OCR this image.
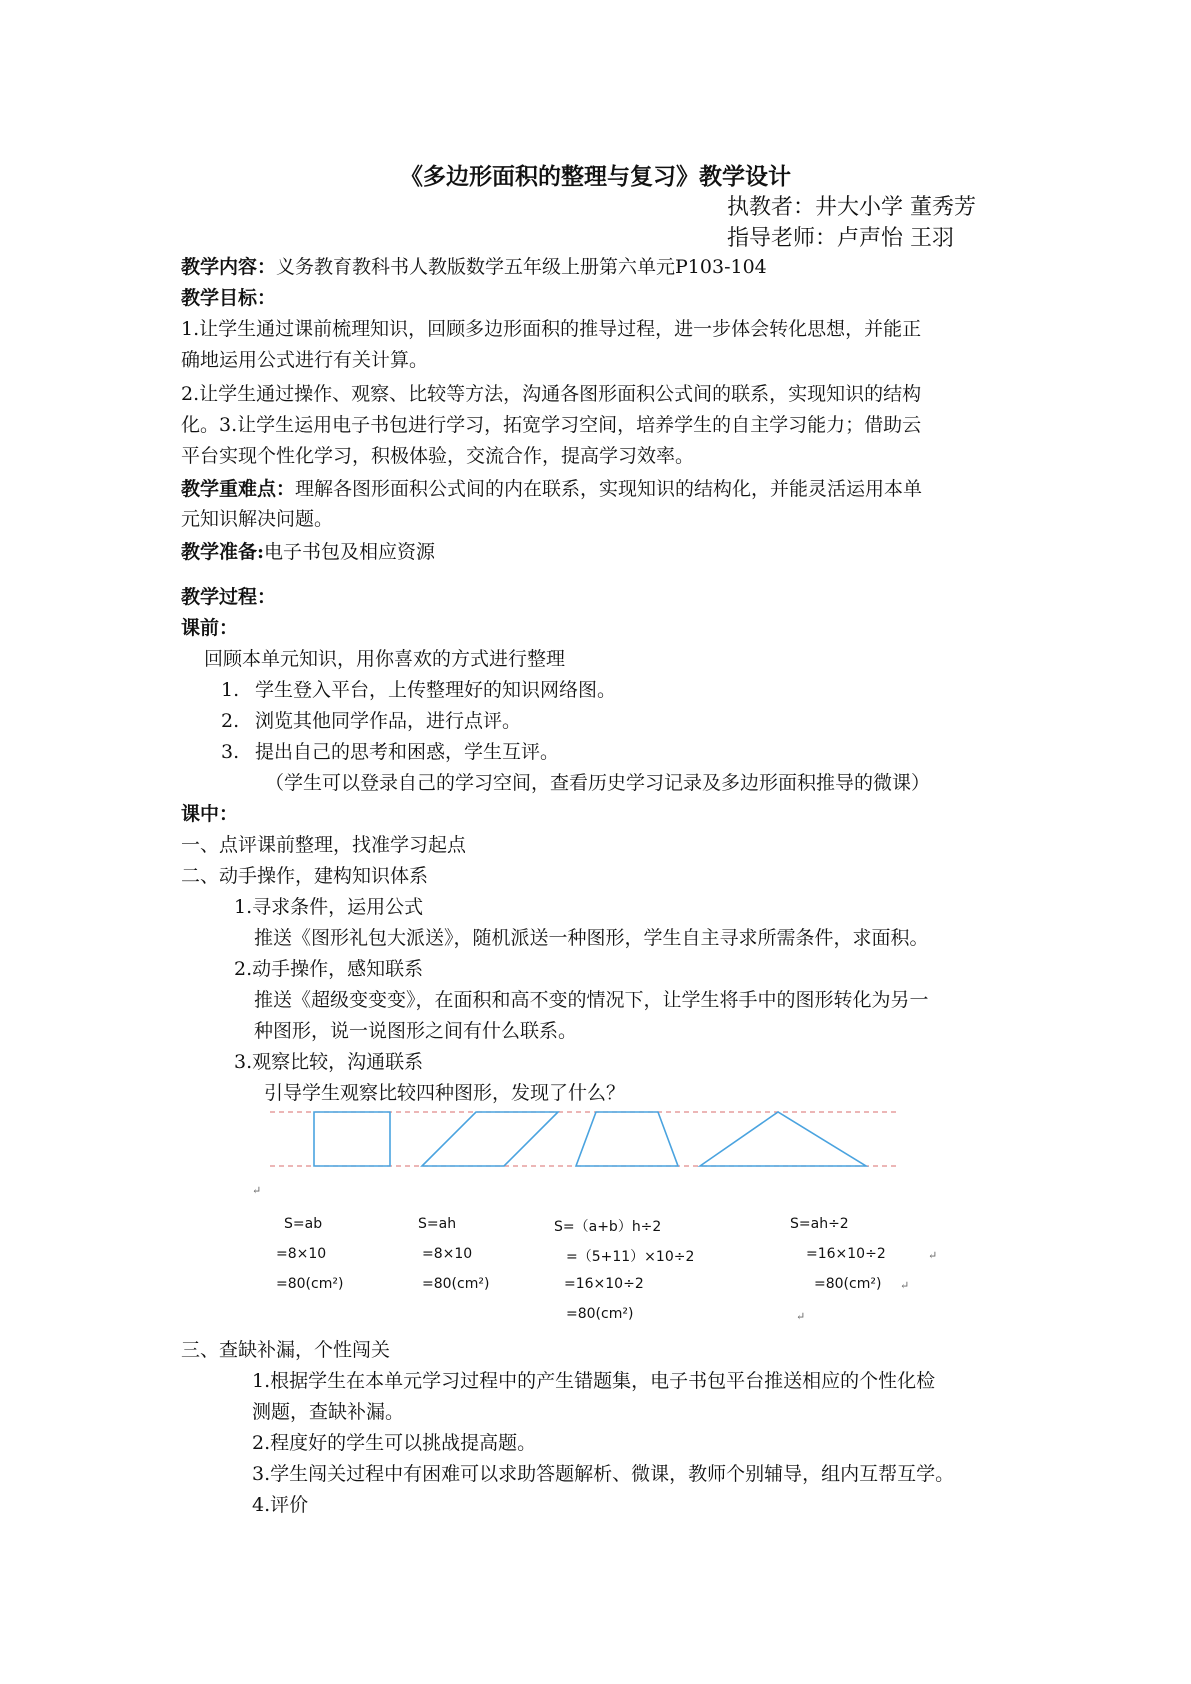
《多边形面积的整理与复习》教学设计
执教者：井大小学 董秀芳
指导老师：卢声怡 王羽
教学内容：义务教育教科书人教版数学五年级上册第六单元P103-104
教学目标：
1.让学生通过课前梳理知识，回顾多边形面积的推导过程，进一步体会转化思想，并能正
确地运用公式进行有关计算。
2.让学生通过操作、观察、比较等方法，沟通各图形面积公式间的联系，实现知识的结构
化。3.让学生运用电子书包进行学习，拓宽学习空间，培养学生的自主学习能力；借助云
平台实现个性化学习，积极体验，交流合作，提高学习效率。
教学重难点：理解各图形面积公式间的内在联系，实现知识的结构化，并能灵活运用本单
元知识解决问题。
教学准备:电子书包及相应资源
教学过程：
课前：
回顾本单元知识，用你喜欢的方式进行整理
1. 学生登入平台，上传整理好的知识网络图。
2. 浏览其他同学作品，进行点评。
3. 提出自己的思考和困惑，学生互评。
（学生可以登录自己的学习空间，查看历史学习记录及多边形面积推导的微课）
课中：
一、点评课前整理，找准学习起点
二、动手操作，建构知识体系
1.寻求条件，运用公式
推送《图形礼包大派送》，随机派送一种图形，学生自主寻求所需条件，求面积。
2.动手操作，感知联系
推送《超级变变变》，在面积和高不变的情况下，让学生将手中的图形转化为另一
种图形，说一说图形之间有什么联系。
3.观察比较，沟通联系
引导学生观察比较四种图形，发现了什么？
↵
S=ab
=8×10
=80(cm²)
S=ah
=8×10
=80(cm²)
S=（a+b）h÷2
=（5+11）×10÷2
=16×10÷2
=80(cm²)
S=ah÷2
=16×10÷2
=80(cm²)
↵
↵
↵
三、查缺补漏，个性闯关
1.根据学生在本单元学习过程中的产生错题集，电子书包平台推送相应的个性化检
测题，查缺补漏。
2.程度好的学生可以挑战提高题。
3.学生闯关过程中有困难可以求助答题解析、微课，教师个别辅导，组内互帮互学。
4.评价
